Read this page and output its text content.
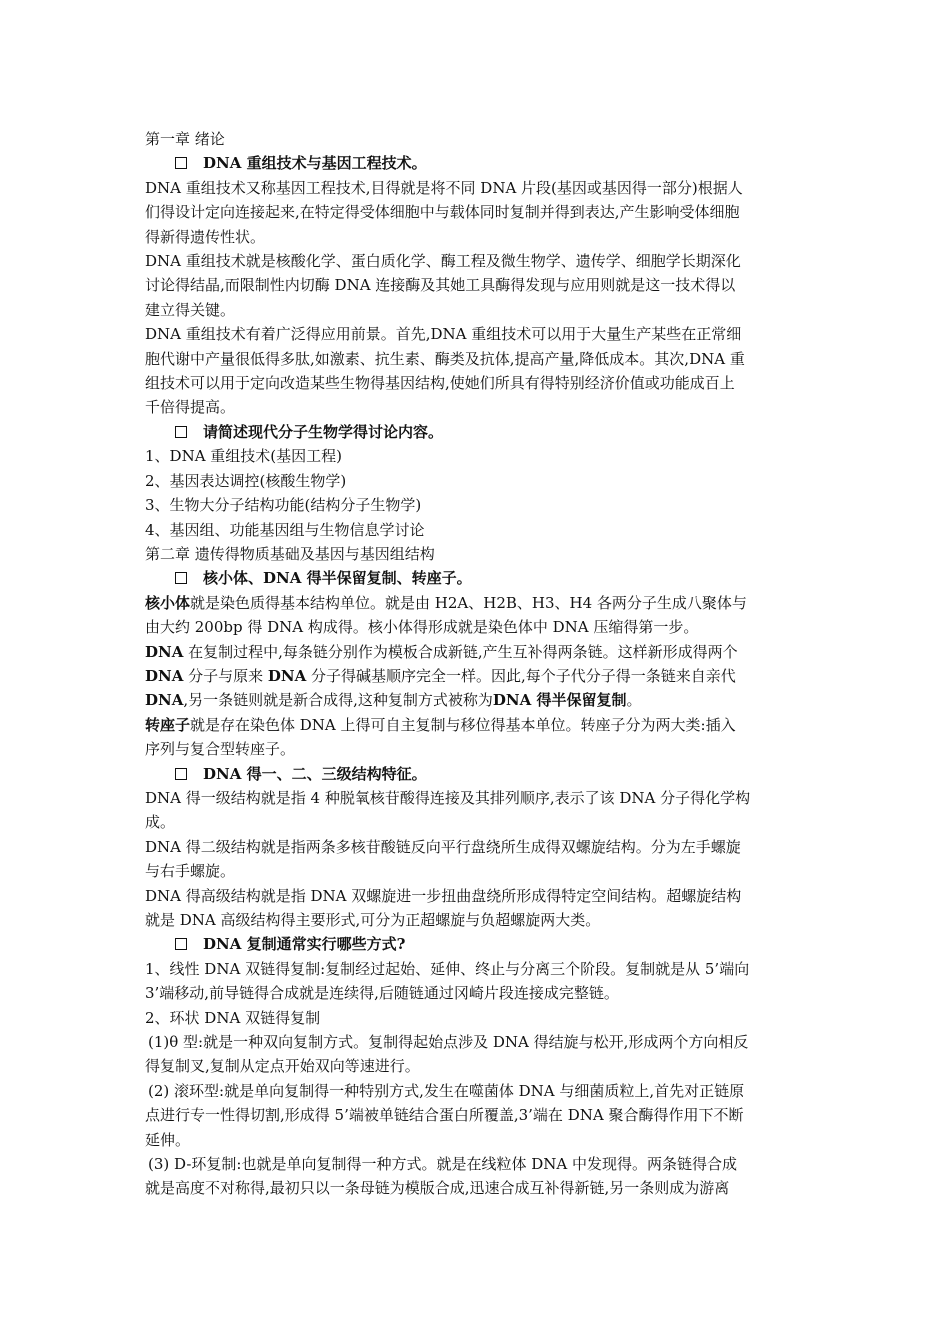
第一章 绪论
DNA 重组技术与基因工程技术。
DNA 重组技术又称基因工程技术,目得就是将不同 DNA 片段(基因或基因得一部分)根据人
们得设计定向连接起来,在特定得受体细胞中与载体同时复制并得到表达,产生影响受体细胞
得新得遗传性状。
DNA 重组技术就是核酸化学、蛋白质化学、酶工程及微生物学、遗传学、细胞学长期深化
讨论得结晶,而限制性内切酶 DNA 连接酶及其她工具酶得发现与应用则就是这一技术得以
建立得关键。
DNA 重组技术有着广泛得应用前景。首先,DNA 重组技术可以用于大量生产某些在正常细
胞代谢中产量很低得多肽,如激素、抗生素、酶类及抗体,提高产量,降低成本。其次,DNA 重
组技术可以用于定向改造某些生物得基因结构,使她们所具有得特别经济价值或功能成百上
千倍得提高。
请简述现代分子生物学得讨论内容。
1、DNA 重组技术(基因工程)
2、基因表达调控(核酸生物学)
3、生物大分子结构功能(结构分子生物学)
4、基因组、功能基因组与生物信息学讨论
第二章 遗传得物质基础及基因与基因组结构
核小体、DNA 得半保留复制、转座子。
核小体就是染色质得基本结构单位。就是由 H2A、H2B、H3、H4 各两分子生成八聚体与
由大约 200bp 得 DNA 构成得。核小体得形成就是染色体中 DNA 压缩得第一步。
DNA 在复制过程中,每条链分别作为模板合成新链,产生互补得两条链。这样新形成得两个
DNA 分子与原来 DNA 分子得碱基顺序完全一样。因此,每个子代分子得一条链来自亲代
DNA,另一条链则就是新合成得,这种复制方式被称为DNA 得半保留复制。
转座子就是存在染色体 DNA 上得可自主复制与移位得基本单位。转座子分为两大类:插入
序列与复合型转座子。
DNA 得一、二、三级结构特征。
DNA 得一级结构就是指 4 种脱氧核苷酸得连接及其排列顺序,表示了该 DNA 分子得化学构
成。
DNA 得二级结构就是指两条多核苷酸链反向平行盘绕所生成得双螺旋结构。分为左手螺旋
与右手螺旋。
DNA 得高级结构就是指 DNA 双螺旋进一步扭曲盘绕所形成得特定空间结构。超螺旋结构
就是 DNA 高级结构得主要形式,可分为正超螺旋与负超螺旋两大类。
DNA 复制通常实行哪些方式?
1、线性 DNA 双链得复制:复制经过起始、延伸、终止与分离三个阶段。复制就是从 5’端向
3’端移动,前导链得合成就是连续得,后随链通过冈崎片段连接成完整链。
2、环状 DNA 双链得复制
(1)θ 型:就是一种双向复制方式。复制得起始点涉及 DNA 得结旋与松开,形成两个方向相反
得复制叉,复制从定点开始双向等速进行。
(2) 滚环型:就是单向复制得一种特别方式,发生在噬菌体 DNA 与细菌质粒上,首先对正链原
点进行专一性得切割,形成得 5’端被单链结合蛋白所覆盖,3’端在 DNA 聚合酶得作用下不断
延伸。
(3) D-环复制:也就是单向复制得一种方式。就是在线粒体 DNA 中发现得。两条链得合成
就是高度不对称得,最初只以一条母链为模版合成,迅速合成互补得新链,另一条则成为游离
